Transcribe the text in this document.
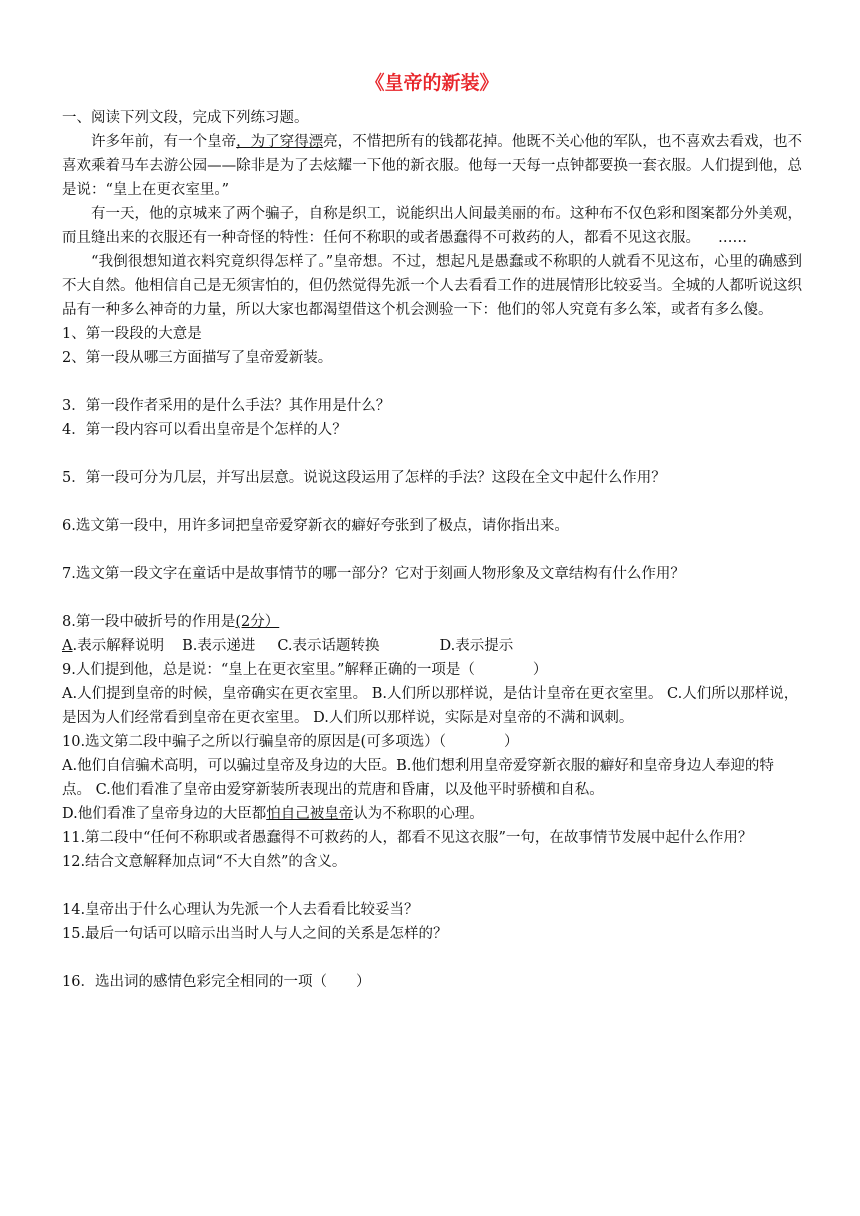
《皇帝的新装》
一、阅读下列文段，完成下列练习题。
许多年前，有一个皇帝，为了穿得漂亮，不惜把所有的钱都花掉。他既不关心他的军队，也不喜欢去看戏，也不喜欢乘着马车去游公园——除非是为了去炫耀一下他的新衣服。他每一天每一点钟都要换一套衣服。人们提到他，总是说：“皇上在更衣室里。”
有一天，他的京城来了两个骗子，自称是织工，说能织出人间最美丽的布。这种布不仅色彩和图案都分外美观，而且缝出来的衣服还有一种奇怪的特性：任何不称职的或者愚蠢得不可救药的人，都看不见这衣服。 ……
“我倒很想知道衣料究竟织得怎样了。”皇帝想。不过，想起凡是愚蠢或不称职的人就看不见这布，心里的确感到不大自然。他相信自己是无须害怕的，但仍然觉得先派一个人去看看工作的进展情形比较妥当。全城的人都听说这织品有一种多么神奇的力量，所以大家也都渴望借这个机会测验一下：他们的邻人究竟有多么笨，或者有多么傻。
1、第一段段的大意是
2、第一段从哪三方面描写了皇帝爱新装。
3．第一段作者采用的是什么手法？其作用是什么？
4．第一段内容可以看出皇帝是个怎样的人？
5．第一段可分为几层，并写出层意。说说这段运用了怎样的手法？这段在全文中起什么作用？
6.选文第一段中，用许多词把皇帝爱穿新衣的癖好夸张到了极点，请你指出来。
7.选文第一段文字在童话中是故事情节的哪一部分？它对于刻画人物形象及文章结构有什么作用？
8.第一段中破折号的作用是(2分）
A.表示解释说明 B.表示递进 C.表示话题转换	D.表示提示
9.人们提到他，总是说：“皇上在更衣室里。”解释正确的一项是（　　　　）
A.人们提到皇帝的时候，皇帝确实在更衣室里。 B.人们所以那样说，是估计皇帝在更衣室里。 C.人们所以那样说，是因为人们经常看到皇帝在更衣室里。 D.人们所以那样说，实际是对皇帝的不满和讽刺。
10.选文第二段中骗子之所以行骗皇帝的原因是(可多项选）（　　　　）
A.他们自信骗术高明，可以骗过皇帝及身边的大臣。B.他们想利用皇帝爱穿新衣服的癖好和皇帝身边人奉迎的特点。 C.他们看准了皇帝由爱穿新装所表现出的荒唐和昏庸，以及他平时骄横和自私。
D.他们看准了皇帝身边的大臣都怕自己被皇帝认为不称职的心理。
11.第二段中“任何不称职或者愚蠢得不可救药的人，都看不见这衣服”一句，在故事情节发展中起什么作用？
12.结合文意解释加点词“不大自然”的含义。
14.皇帝出于什么心理认为先派一个人去看看比较妥当？
15.最后一句话可以暗示出当时人与人之间的关系是怎样的？
16．选出词的感情色彩完全相同的一项（　　）
